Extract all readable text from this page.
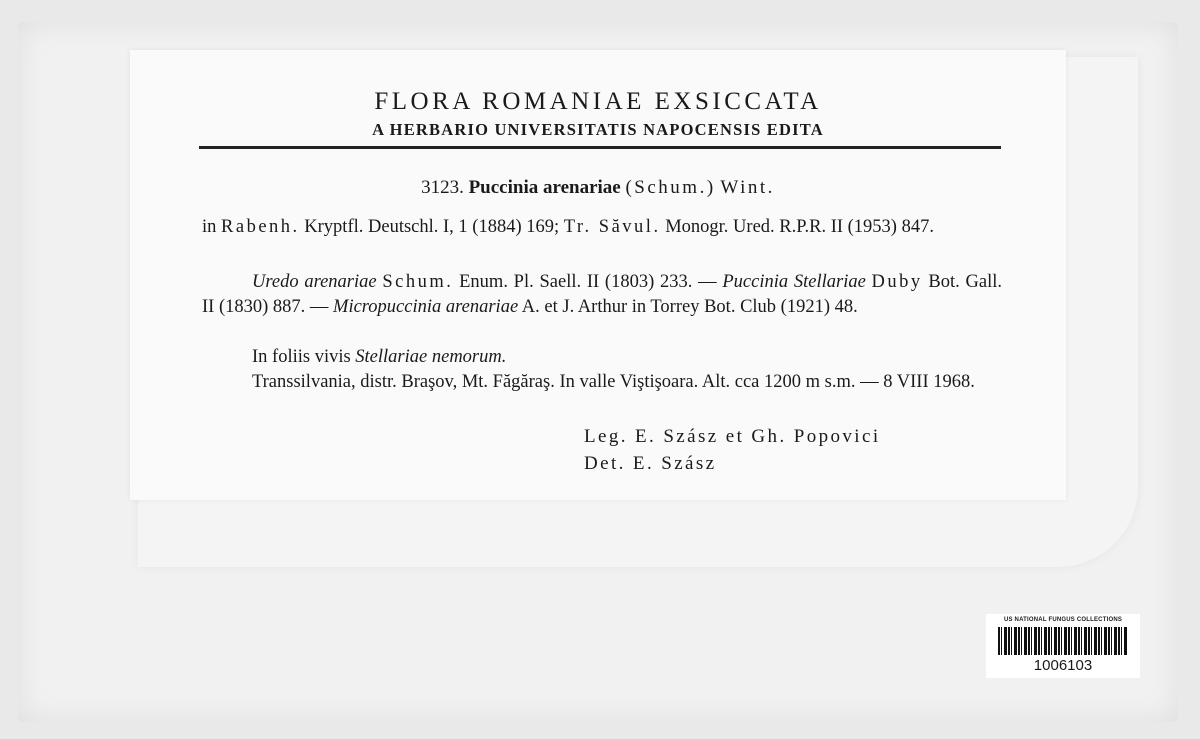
FLORA ROMANIAE EXSICCATA
A HERBARIO UNIVERSITATIS NAPOCENSIS EDITA
3123. Puccinia arenariae (Schum.) Wint.
in Rabenh. Kryptfl. Deutschl. I, 1 (1884) 169; Tr. Săvul. Monogr. Ured. R.P.R. II (1953) 847.
Uredo arenariae Schum. Enum. Pl. Saell. II (1803) 233. — Puccinia Stellariae Duby Bot. Gall. II (1830) 887. — Micropuccinia arenariae A. et J. Arthur in Torrey Bot. Club (1921) 48.
In foliis vivis Stellariae nemorum.
Transsilvania, distr. Braşov, Mt. Făgăraş. In valle Viştişoara. Alt. cca 1200 m s.m. — 8 VIII 1968.
Leg. E. Szász et Gh. Popovici
Det. E. Szász
US NATIONAL FUNGUS COLLECTIONS
1006103
